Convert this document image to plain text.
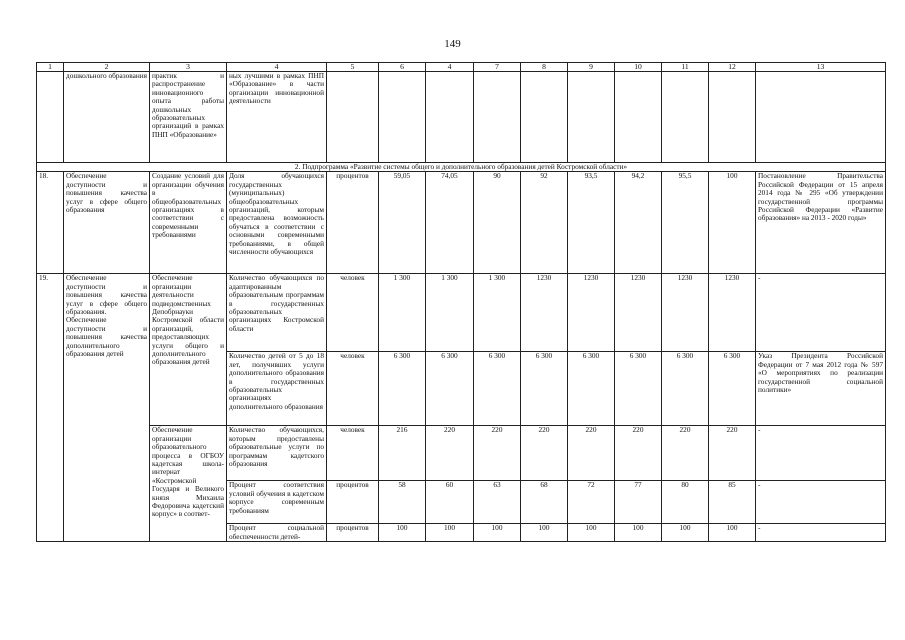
149
1	2	3	4	5	6	4	7	8	9	10	11	12	13
	дошкольного образования	практик и распространение инновационного опыта работы дошкольных образовательных организаций в рамках ПНП «Образование»	ных лучшими в рамках ПНП «Образование» в части организации инновационной деятельности										
2. Подпрограмма «Развитие системы общего и дополнительного образования детей Костромской области»													
18.	Обеспечение доступности и повышения качества услуг в сфере общего образования	Создание условий для организации обучения в общеобразовательных организациях в соответствии с современными требованиями	Доля обучающихся государственных (муниципальных) общеобразовательных организаций, которым предоставлена возможность обучаться в соответствии с основными современными требованиями, в общей численности обучающихся	процентов	59,05	74,05	90	92	93,5	94,2	95,5	100	Постановление Правительства Российской Федерации от 15 апреля 2014 года № 295 «Об утверждении государственной программы Российской Федерации «Развитие образования» на 2013 - 2020 годы»
19.	Обеспечение доступности и повышения качества услуг в сфере общего образования. Обеспечение доступности и повышения качества дополнительного образования детей	Обеспечение организации деятельности подведомственных Депобрнауки Костромской области организаций, предоставляющих услуги общего и дополнительного образования детей	Количество обучающихся по адаптированным образовательным программам в государственных образовательных организациях Костромской области	человек	1 300	1 300	1 300	1230	1230	1230	1230	1230	-
			Количество детей от 5 до 18 лет, получивших услуги дополнительного образования в государственных образовательных организациях дополнительного образования	человек	6 300	6 300	6 300	6 300	6 300	6 300	6 300	6 300	Указ Президента Российской Федерации от 7 мая 2012 года № 597 «О мероприятиях по реализации государственной социальной политики»
		Обеспечение организации образовательного процесса в ОГБОУ кадетская школа-интернат «Костромской Государя и Великого князя Михаила Федоровича кадетский корпус» в соответ-	Количество обучающихся, которым предоставлены образовательные услуги по программам кадетского образования	человек	216	220	220	220	220	220	220	220	-
			Процент соответствия условий обучения в кадетском корпусе современным требованиям	процентов	58	60	63	68	72	77	80	85	-
			Процент социальной обеспеченности детей-	процентов	100	100	100	100	100	100	100	100	-
